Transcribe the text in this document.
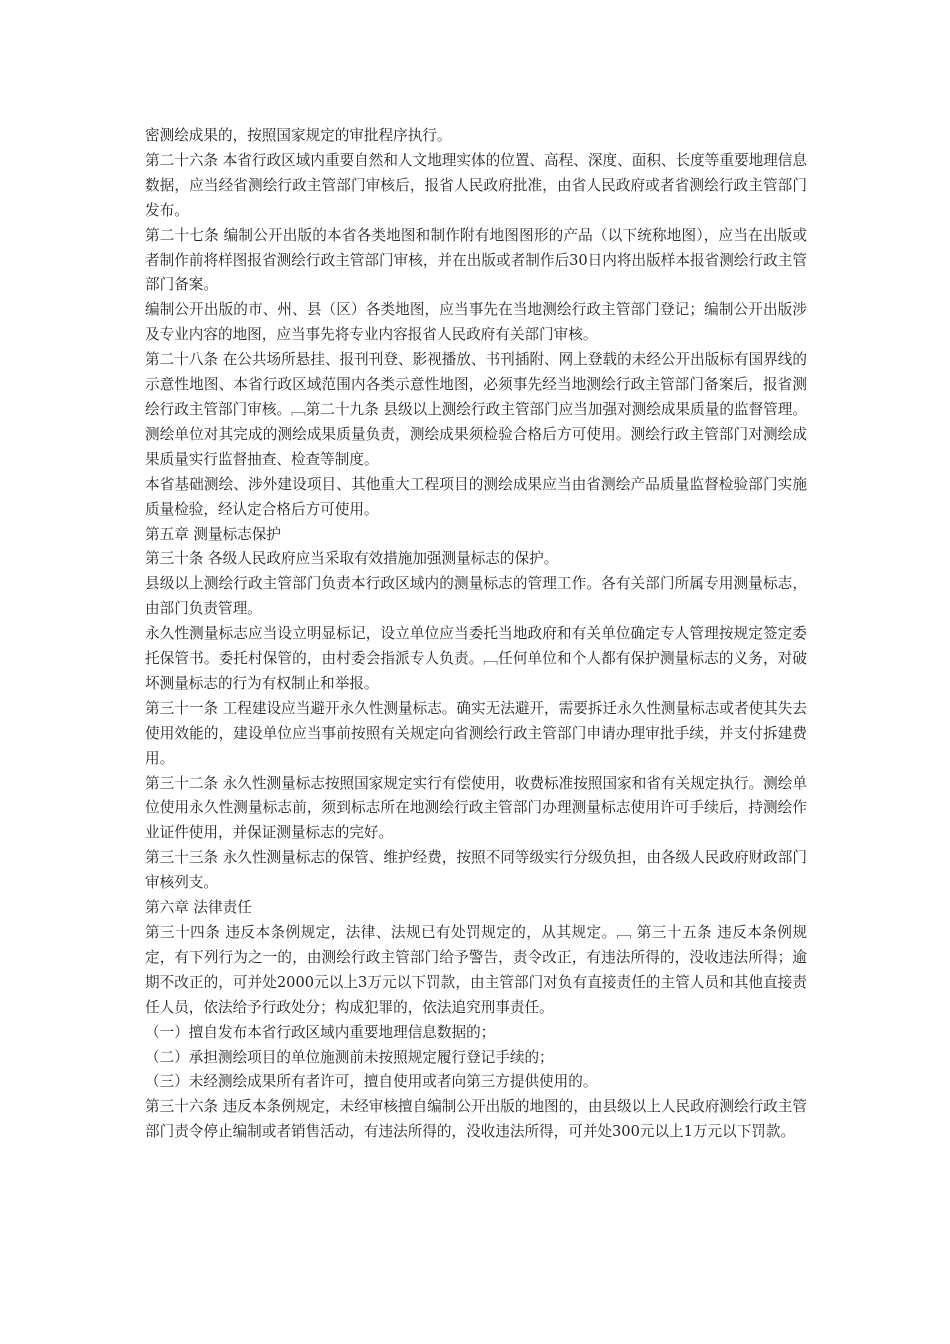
密测绘成果的，按照国家规定的审批程序执行。

第二十六条 本省行政区域内重要自然和人文地理实体的位置、高程、深度、面积、长度等重要地理信息数据，应当经省测绘行政主管部门审核后，报省人民政府批准，由省人民政府或者省测绘行政主管部门发布。

第二十七条 编制公开出版的本省各类地图和制作附有地图图形的产品（以下统称地图），应当在出版或者制作前将样图报省测绘行政主管部门审核，并在出版或者制作后30日内将出版样本报省测绘行政主管部门备案。

编制公开出版的市、州、县（区）各类地图，应当事先在当地测绘行政主管部门登记；编制公开出版涉及专业内容的地图，应当事先将专业内容报省人民政府有关部门审核。

第二十八条 在公共场所悬挂、报刊刊登、影视播放、书刊插附、网上登载的未经公开出版标有国界线的示意性地图、本省行政区域范围内各类示意性地图，必须事先经当地测绘行政主管部门备案后，报省测绘行政主管部门审核。﹇第二十九条 县级以上测绘行政主管部门应当加强对测绘成果质量的监督管理。 测绘单位对其完成的测绘成果质量负责，测绘成果须检验合格后方可使用。测绘行政主管部门对测绘成果质量实行监督抽查、检查等制度。

本省基础测绘、涉外建设项目、其他重大工程项目的测绘成果应当由省测绘产品质量监督检验部门实施质量检验，经认定合格后方可使用。

第五章 测量标志保护

第三十条 各级人民政府应当采取有效措施加强测量标志的保护。

县级以上测绘行政主管部门负责本行政区域内的测量标志的管理工作。各有关部门所属专用测量标志，由部门负责管理。

永久性测量标志应当设立明显标记，设立单位应当委托当地政府和有关单位确定专人管理按规定签定委托保管书。委托村保管的，由村委会指派专人负责。﹇任何单位和个人都有保护测量标志的义务，对破坏测量标志的行为有权制止和举报。

第三十一条 工程建设应当避开永久性测量标志。确实无法避开，需要拆迁永久性测量标志或者使其失去使用效能的，建设单位应当事前按照有关规定向省测绘行政主管部门申请办理审批手续，并支付拆建费用。

第三十二条 永久性测量标志按照国家规定实行有偿使用，收费标准按照国家和省有关规定执行。测绘单位使用永久性测量标志前，须到标志所在地测绘行政主管部门办理测量标志使用许可手续后，持测绘作业证件使用，并保证测量标志的完好。

第三十三条 永久性测量标志的保管、维护经费，按照不同等级实行分级负担，由各级人民政府财政部门审核列支。

第六章 法律责任

第三十四条 违反本条例规定，法律、法规已有处罚规定的，从其规定。﹇ 第三十五条 违反本条例规定，有下列行为之一的，由测绘行政主管部门给予警告，责令改正，有违法所得的，没收违法所得；逾期不改正的，可并处2000元以上3万元以下罚款，由主管部门对负有直接责任的主管人员和其他直接责任人员，依法给予行政处分；构成犯罪的，依法追究刑事责任。

（一）擅自发布本省行政区域内重要地理信息数据的；

（二）承担测绘项目的单位施测前未按照规定履行登记手续的；

（三）未经测绘成果所有者许可，擅自使用或者向第三方提供使用的。

第三十六条 违反本条例规定，未经审核擅自编制公开出版的地图的，由县级以上人民政府测绘行政主管部门责令停止编制或者销售活动，有违法所得的，没收违法所得，可并处300元以上1万元以下罚款。
